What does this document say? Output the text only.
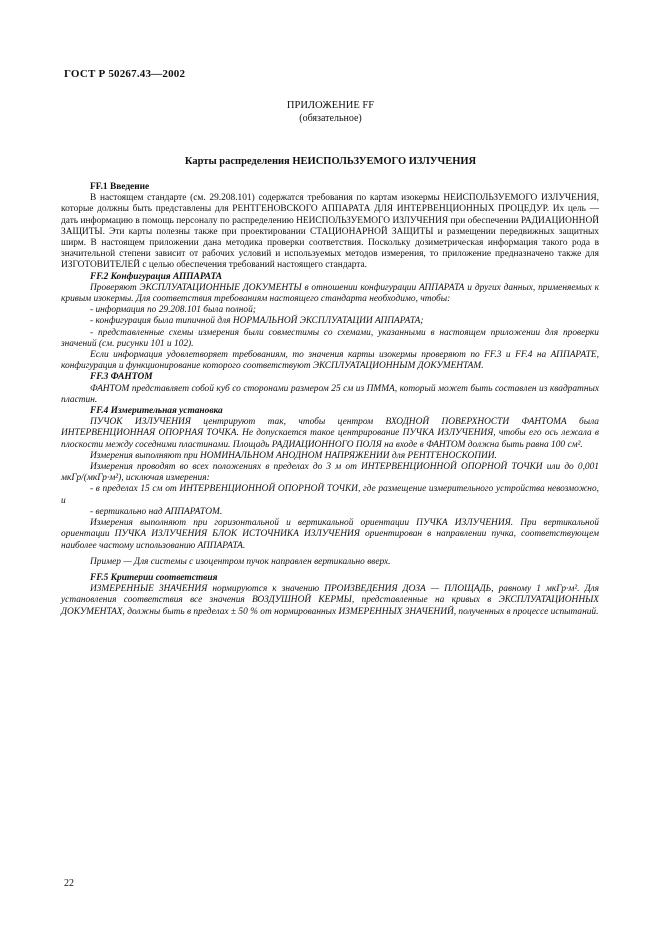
ГОСТ Р 50267.43—2002
ПРИЛОЖЕНИЕ FF
(обязательное)
Карты распределения НЕИСПОЛЬЗУЕМОГО ИЗЛУЧЕНИЯ

FF.1 Введение

В настоящем стандарте (см. 29.208.101) содержатся требования по картам изокермы НЕИСПОЛЬЗУЕМОГО ИЗЛУЧЕНИЯ, которые должны быть представлены для РЕНТГЕНОВСКОГО АППАРАТА ДЛЯ ИНТЕРВЕНЦИОННЫХ ПРОЦЕДУР. Их цель — дать информацию в помощь персоналу по распределению НЕИСПОЛЬЗУЕМОГО ИЗЛУЧЕНИЯ при обеспечении РАДИАЦИОННОЙ ЗАЩИТЫ. Эти карты полезны также при проектировании СТАЦИОНАРНОЙ ЗАЩИТЫ и размещении передвижных защитных ширм. В настоящем приложении дана методика проверки соответствия. Поскольку дозиметрическая информация такого рода в значительной степени зависит от рабочих условий и используемых методов измерения, то приложение предназначено также для ИЗГОТОВИТЕЛЕЙ с целью обеспечения требований настоящего стандарта.

FF.2 Конфигурация АППАРАТА

Проверяют ЭКСПЛУАТАЦИОННЫЕ ДОКУМЕНТЫ в отношении конфигурации АППАРАТА и других данных, применяемых к кривым изокермы. Для соответствия требованиям настоящего стандарта необходимо, чтобы:

- информация по 29.208.101 была полной;

- конфигурация была типичной для НОРМАЛЬНОЙ ЭКСПЛУАТАЦИИ АППАРАТА;

- представленные схемы измерения были совместимы со схемами, указанными в настоящем приложении для проверки значений (см. рисунки 101 и 102).

Если информация удовлетворяет требованиям, то значения карты изокермы проверяют по FF.3 и FF.4 на АППАРАТЕ, конфигурация и функционирование которого соответствуют ЭКСПЛУАТАЦИОННЫМ ДОКУМЕНТАМ.

FF.3 ФАНТОМ

ФАНТОМ представляет собой куб со сторонами размером 25 см из ПММА, который может быть составлен из квадратных пластин.

FF.4 Измерительная установка

ПУЧОК ИЗЛУЧЕНИЯ центрируют так, чтобы центром ВХОДНОЙ ПОВЕРХНОСТИ ФАНТОМА была ИНТЕРВЕНЦИОННАЯ ОПОРНАЯ ТОЧКА. Не допускается такое центрирование ПУЧКА ИЗЛУЧЕНИЯ, чтобы его ось лежала в плоскости между соседними пластинами. Площадь РАДИАЦИОННОГО ПОЛЯ на входе в ФАНТОМ должна быть равна 100 см².

Измерения выполняют при НОМИНАЛЬНОМ АНОДНОМ НАПРЯЖЕНИИ для РЕНТГЕНОСКОПИИ.

Измерения проводят во всех положениях в пределах до 3 м от ИНТЕРВЕНЦИОННОЙ ОПОРНОЙ ТОЧКИ или до 0,001 мкГр/(мкГр·м²), исключая измерения:

- в пределах 15 см от ИНТЕРВЕНЦИОННОЙ ОПОРНОЙ ТОЧКИ, где размещение измерительного устройства невозможно, и

- вертикально над АППАРАТОМ.

Измерения выполняют при горизонтальной и вертикальной ориентации ПУЧКА ИЗЛУЧЕНИЯ. При вертикальной ориентации ПУЧКА ИЗЛУЧЕНИЯ БЛОК ИСТОЧНИКА ИЗЛУЧЕНИЯ ориентирован в направлении пучка, соответствующем наиболее частому использованию АППАРАТА.

Пример — Для системы с изоцентром пучок направлен вертикально вверх.

FF.5 Критерии соответствия

ИЗМЕРЕННЫЕ ЗНАЧЕНИЯ нормируются к значению ПРОИЗВЕДЕНИЯ ДОЗА — ПЛОЩАДЬ, равному 1 мкГр·м². Для установления соответствия все значения ВОЗДУШНОЙ КЕРМЫ, представленные на кривых в ЭКСПЛУАТАЦИОННЫХ ДОКУМЕНТАХ, должны быть в пределах ± 50 % от нормированных ИЗМЕРЕННЫХ ЗНАЧЕНИЙ, полученных в процессе испытаний.

22
